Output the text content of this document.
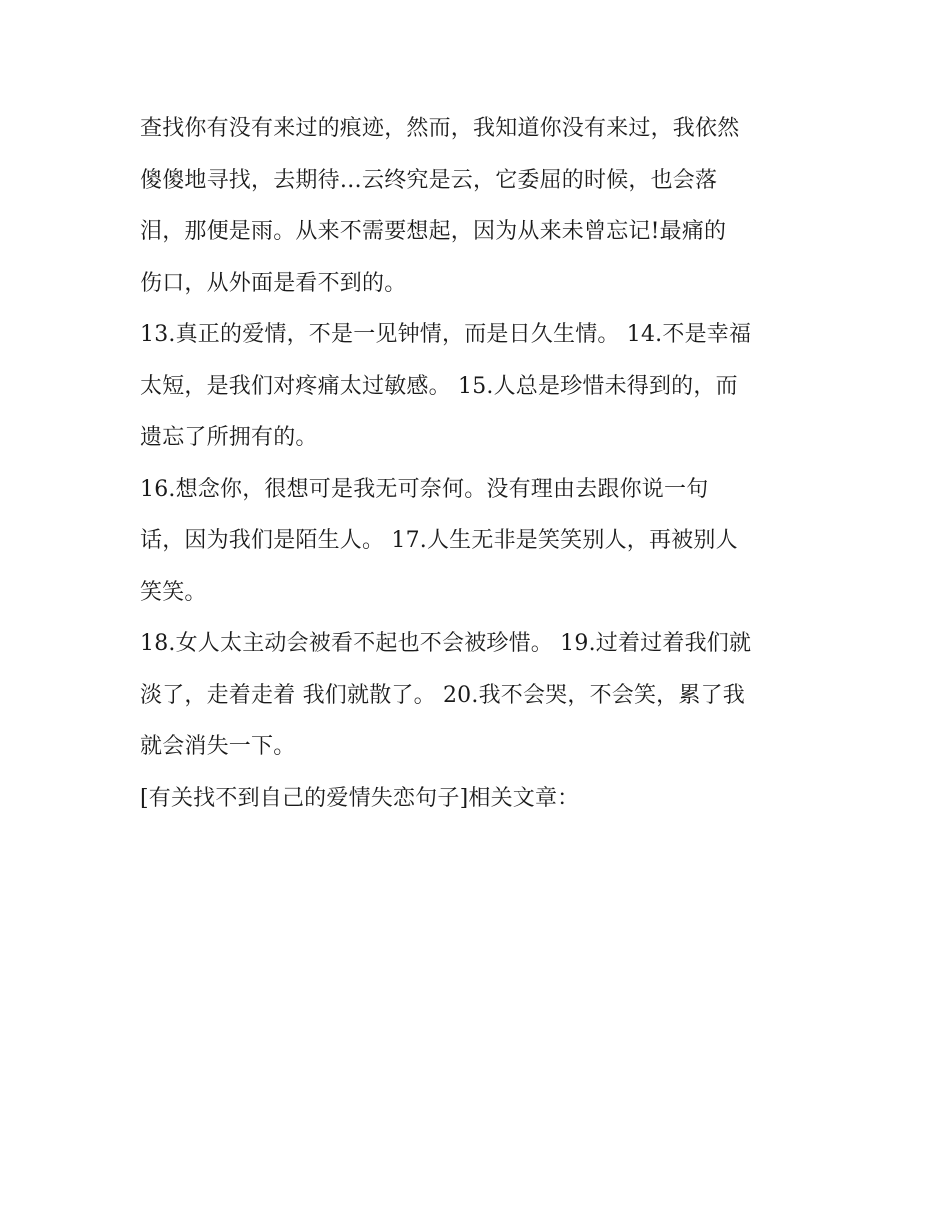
查找你有没有来过的痕迹，然而，我知道你没有来过，我依然
傻傻地寻找，去期待…云终究是云，它委屈的时候，也会落
泪，那便是雨。从来不需要想起，因为从来未曾忘记!最痛的
伤口，从外面是看不到的。
13.真正的爱情，不是一见钟情，而是日久生情。 14.不是幸福
太短，是我们对疼痛太过敏感。 15.人总是珍惜未得到的，而
遗忘了所拥有的。
16.想念你，很想可是我无可奈何。没有理由去跟你说一句
话，因为我们是陌生人。 17.人生无非是笑笑别人，再被别人
笑笑。
18.女人太主动会被看不起也不会被珍惜。 19.过着过着我们就
淡了，走着走着 我们就散了。 20.我不会哭，不会笑，累了我
就会消失一下。
[有关找不到自己的爱情失恋句子]相关文章：
